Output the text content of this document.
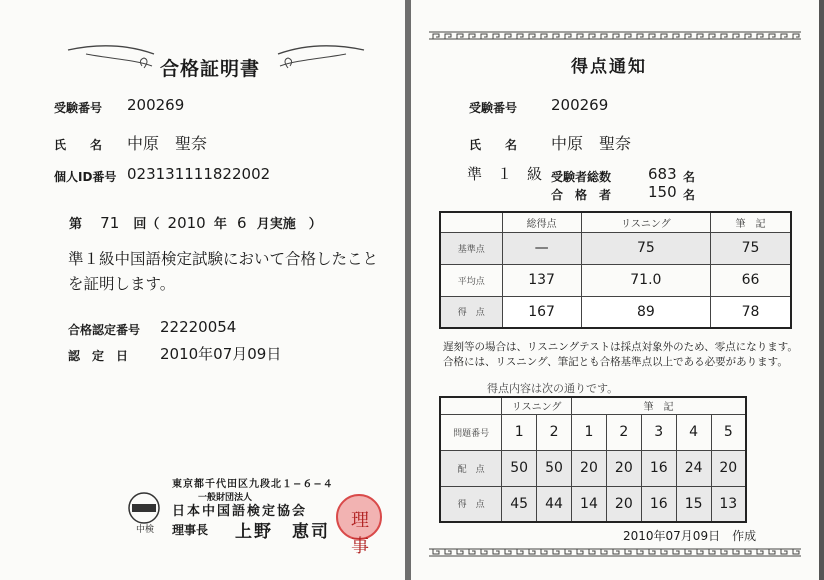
合格証明書
受験番号 200269
氏　　名 中原　聖奈
個人ID番号 023131111822002
第 71 回（ 2010 年 6 月実施　）
準１級中国語検定試験において合格したこと
を証明します。
合格認定番号 22220054
認　定　日 2010年07月09日
東京都千代田区九段北１−６−４
一般財団法人
日本中国語検定協会
理事長 上野　恵司
中検	理事
得点通知
受験番号 200269
氏　　名 中原　聖奈
準　１　級 受験者総数 683 名
合　格　者 150 名
	総得点	リスニング	筆　記
基準点	—	75	75
平均点	137	71.0	66
得　点	167	89	78
遅刻等の場合は、リスニングテストは採点対象外のため、零点になります。
合格には、リスニング、筆記とも合格基準点以上である必要があります。
得点内容は次の通りです。
	リスニング		筆　記				
問題番号	1	2	1	2	3	4	5
配　点	50	50	20	20	16	24	20
得　点	45	44	14	20	16	15	13
2010年07月09日　作成
